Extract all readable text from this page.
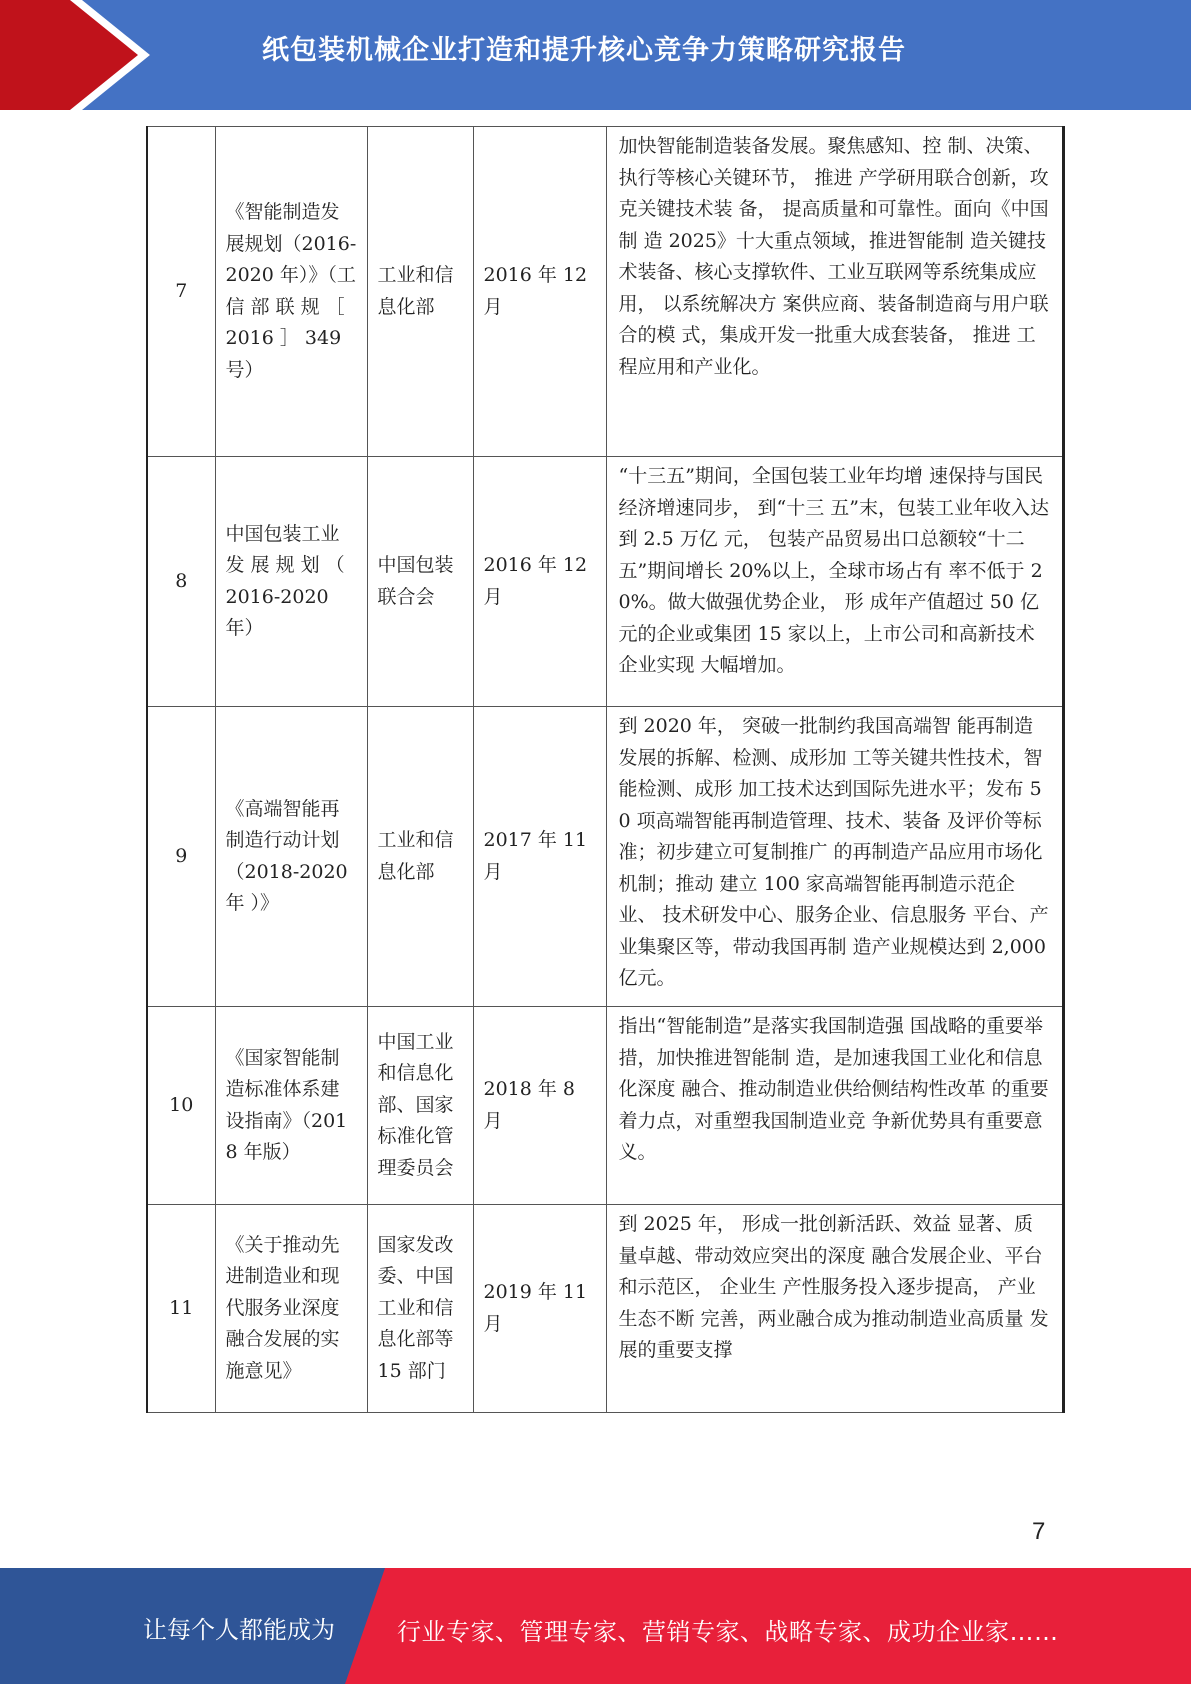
纸包装机械企业打造和提升核心竞争力策略研究报告
7	《智能制造发 展规划（2016- 2020 年）》（工信 部 联 规 ［ 2016 ］ 349 号）	工业和信息化部	2016 年 12 月	加快智能制造装备发展。聚焦感知、控 制、决策、执行等核心关键环节， 推进 产学研用联合创新，攻克关键技术装 备， 提高质量和可靠性。面向《中国制 造 2025》十大重点领域，推进智能制 造关键技术装备、核心支撑软件、工业互联网等系统集成应用， 以系统解决方 案供应商、装备制造商与用户联合的模 式，集成开发一批重大成套装备， 推进 工程应用和产业化。
8	中国包装工业 发 展 规 划 （ 2016-2020 年）	中国包装联合会	2016 年 12 月	“十三五”期间，全国包装工业年均增 速保持与国民经济增速同步， 到“十三 五”末，包装工业年收入达到 2.5 万亿 元， 包装产品贸易出口总额较“十二 五”期间增长 20%以上，全球市场占有 率不低于 20%。做大做强优势企业， 形 成年产值超过 50 亿元的企业或集团 15 家以上，上市公司和高新技术企业实现 大幅增加。
9	《高端智能再制造行动计划（2018-2020 年 ）》	工业和信息化部	2017 年 11 月	到 2020 年， 突破一批制约我国高端智 能再制造发展的拆解、检测、成形加 工等关键共性技术，智能检测、成形 加工技术达到国际先进水平；发布 50 项高端智能再制造管理、技术、装备 及评价等标准；初步建立可复制推广 的再制造产品应用市场化机制；推动 建立 100 家高端智能再制造示范企业、 技术研发中心、服务企业、信息服务 平台、产业集聚区等，带动我国再制 造产业规模达到 2,000 亿元。
10	《国家智能制造标准体系建设指南》（2018 年版）	中国工业和信息化部、国家标准化管理委员会	2018 年 8 月	指出“智能制造”是落实我国制造强 国战略的重要举措，加快推进智能制 造，是加速我国工业化和信息化深度 融合、推动制造业供给侧结构性改革 的重要着力点，对重塑我国制造业竞 争新优势具有重要意义。
11	《关于推动先 进制造业和现 代服务业深度 融合发展的实 施意见》	国家发改委、中国工业和信息化部等 15 部门	2019 年 11 月	到 2025 年， 形成一批创新活跃、效益 显著、质量卓越、带动效应突出的深度 融合发展企业、平台和示范区， 企业生 产性服务投入逐步提高， 产业生态不断 完善，两业融合成为推动制造业高质量 发展的重要支撑
7
让每个人都能成为	行业专家、管理专家、营销专家、战略专家、成功企业家……
